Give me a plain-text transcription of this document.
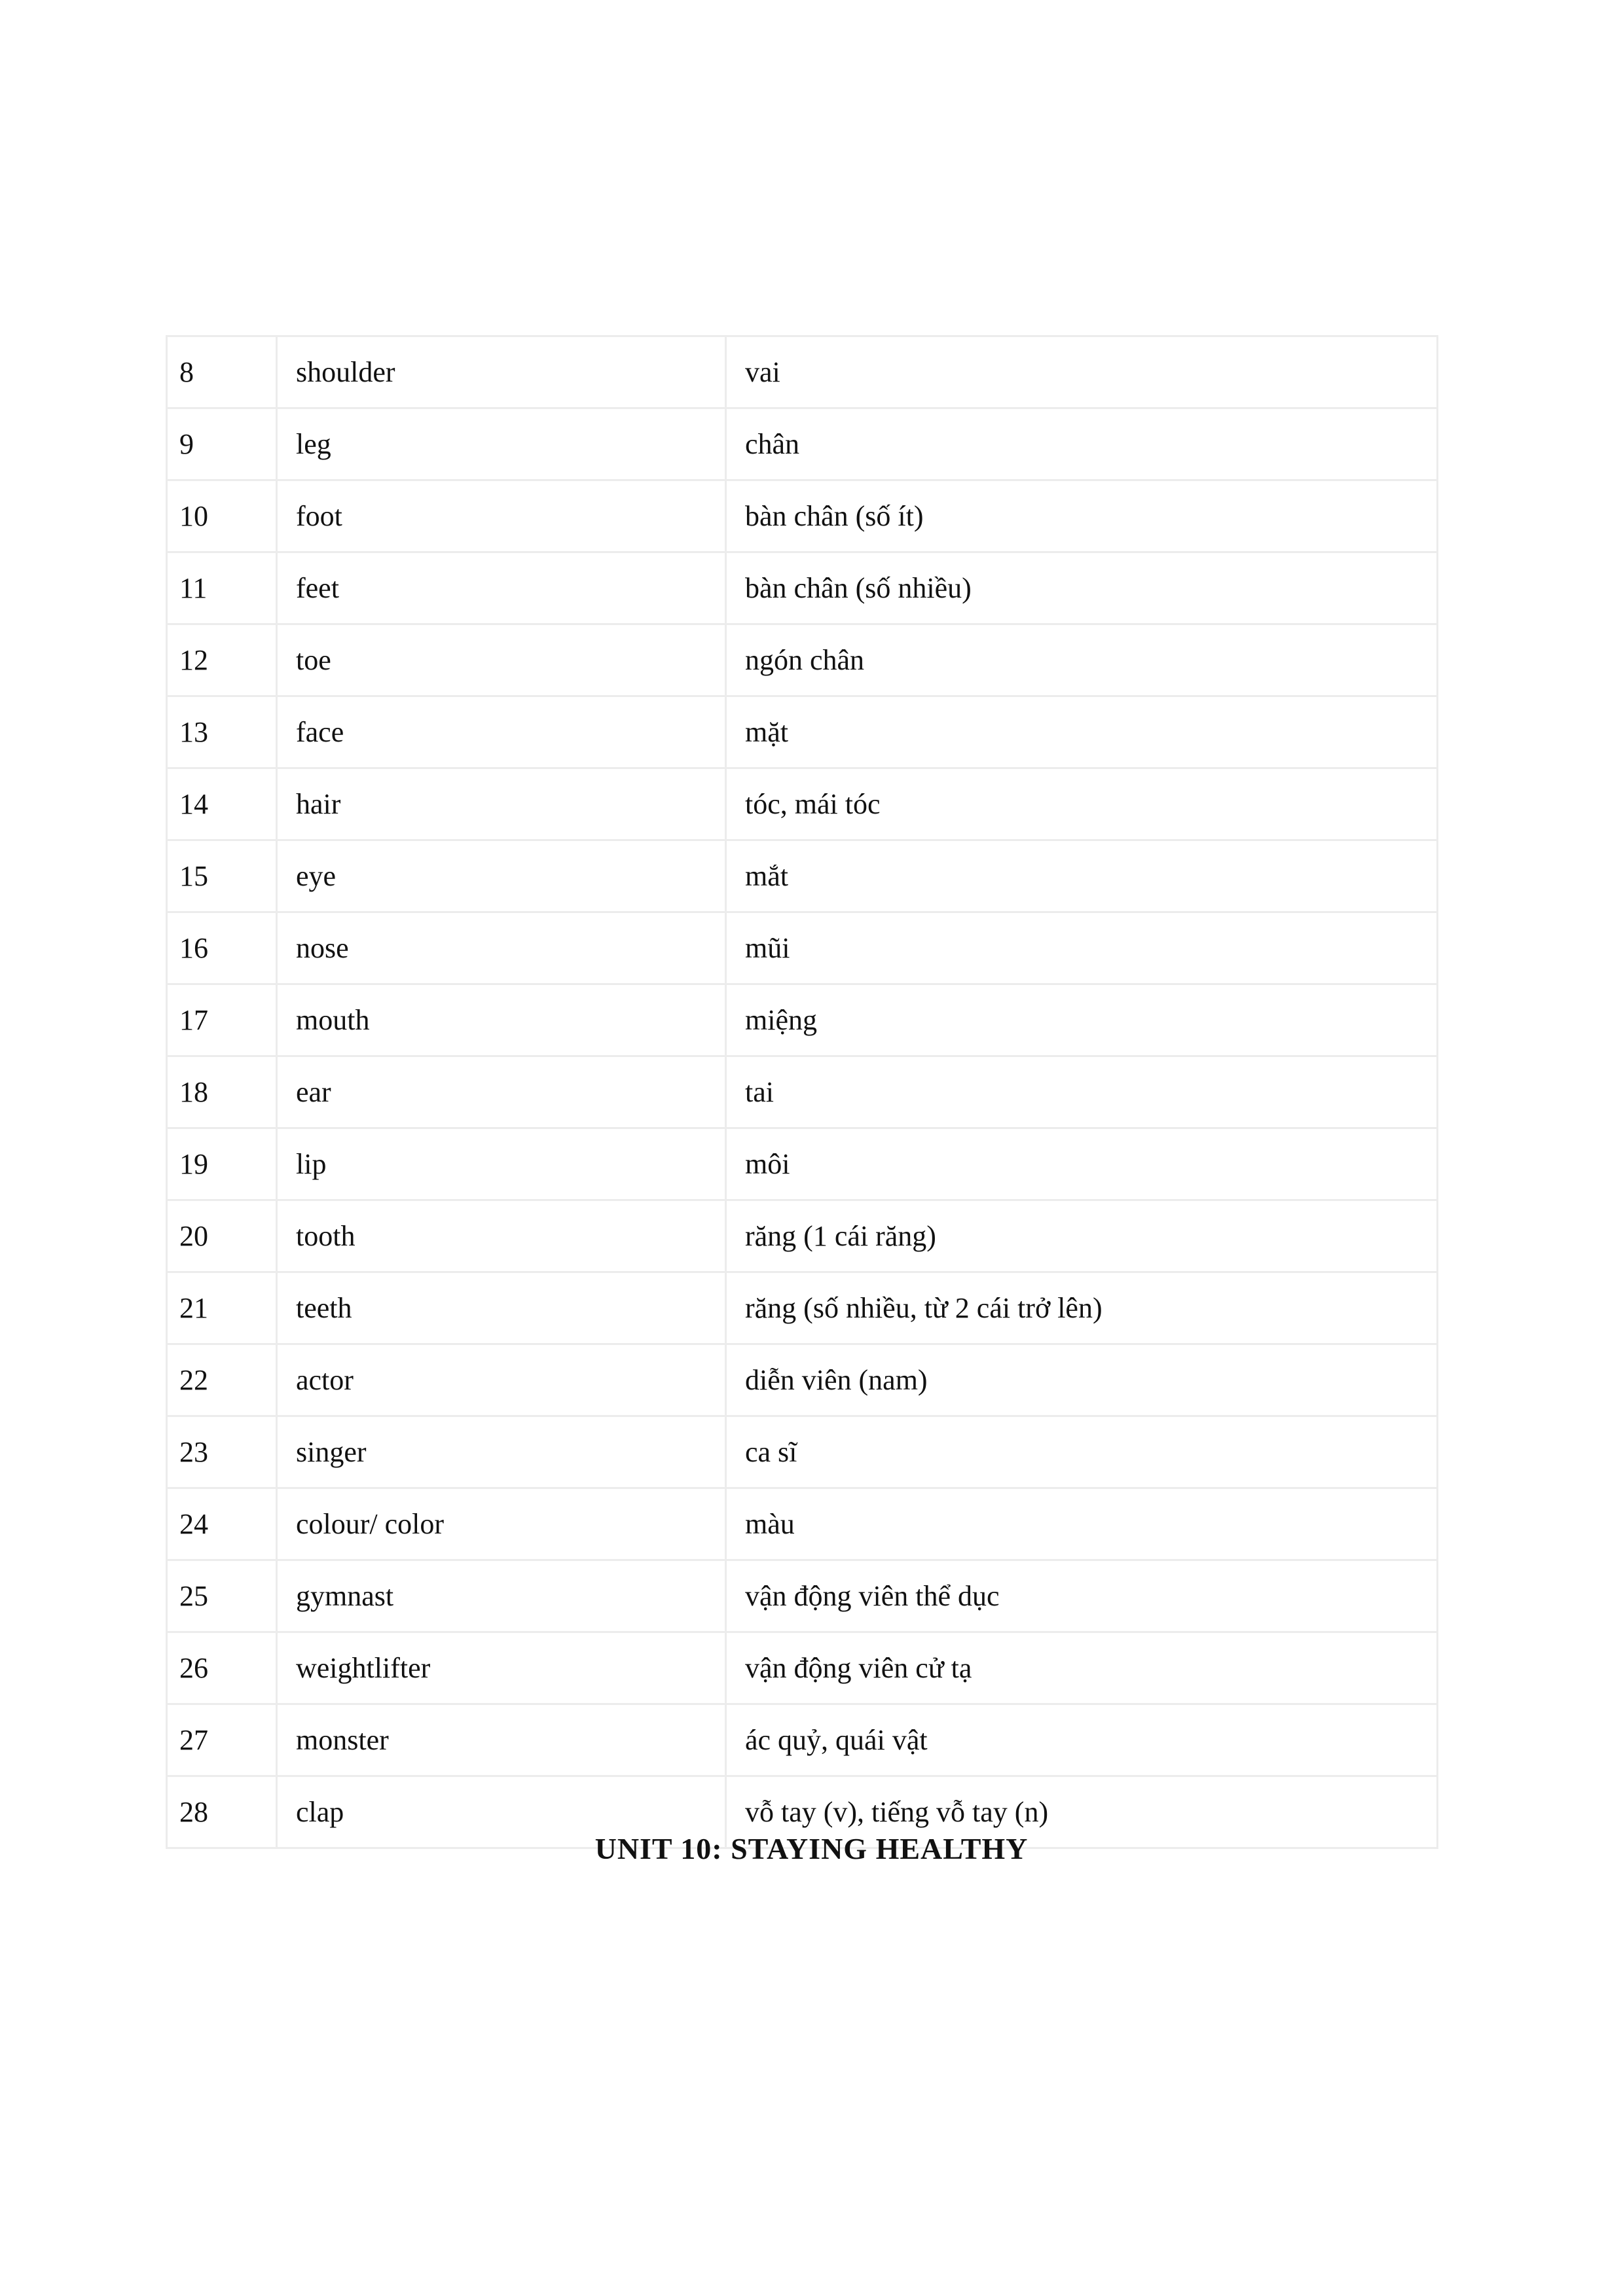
8	shoulder	vai
9	leg	chân
10	foot	bàn chân (số ít)
11	feet	bàn chân (số nhiều)
12	toe	ngón chân
13	face	mặt
14	hair	tóc, mái tóc
15	eye	mắt
16	nose	mũi
17	mouth	miệng
18	ear	tai
19	lip	môi
20	tooth	răng (1 cái răng)
21	teeth	răng (số nhiều, từ 2 cái trở lên)
22	actor	diễn viên (nam)
23	singer	ca sĩ
24	colour/ color	màu
25	gymnast	vận động viên thể dục
26	weightlifter	vận động viên cử tạ
27	monster	ác quỷ, quái vật
28	clap	vỗ tay (v), tiếng vỗ tay (n)
UNIT 10: STAYING HEALTHY
